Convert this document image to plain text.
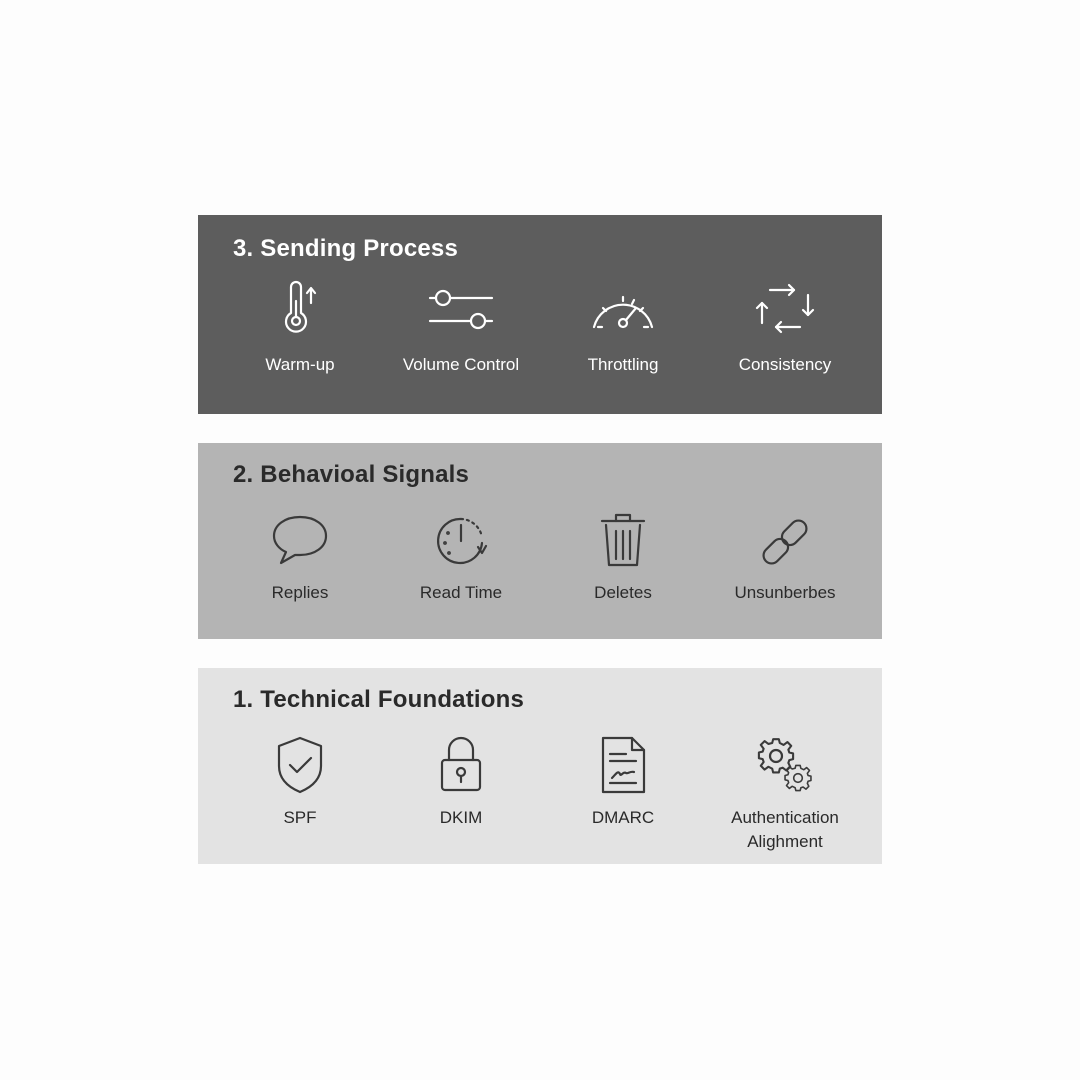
3. Sending Process
Warm-up	Volume Control	Throttling	Consistency
2. Behavioal Signals
Replies	Read Time	Deletes	Unsunberbes
1. Technical Foundations
SPF	DKIM	DMARC	Authentication Alighment
